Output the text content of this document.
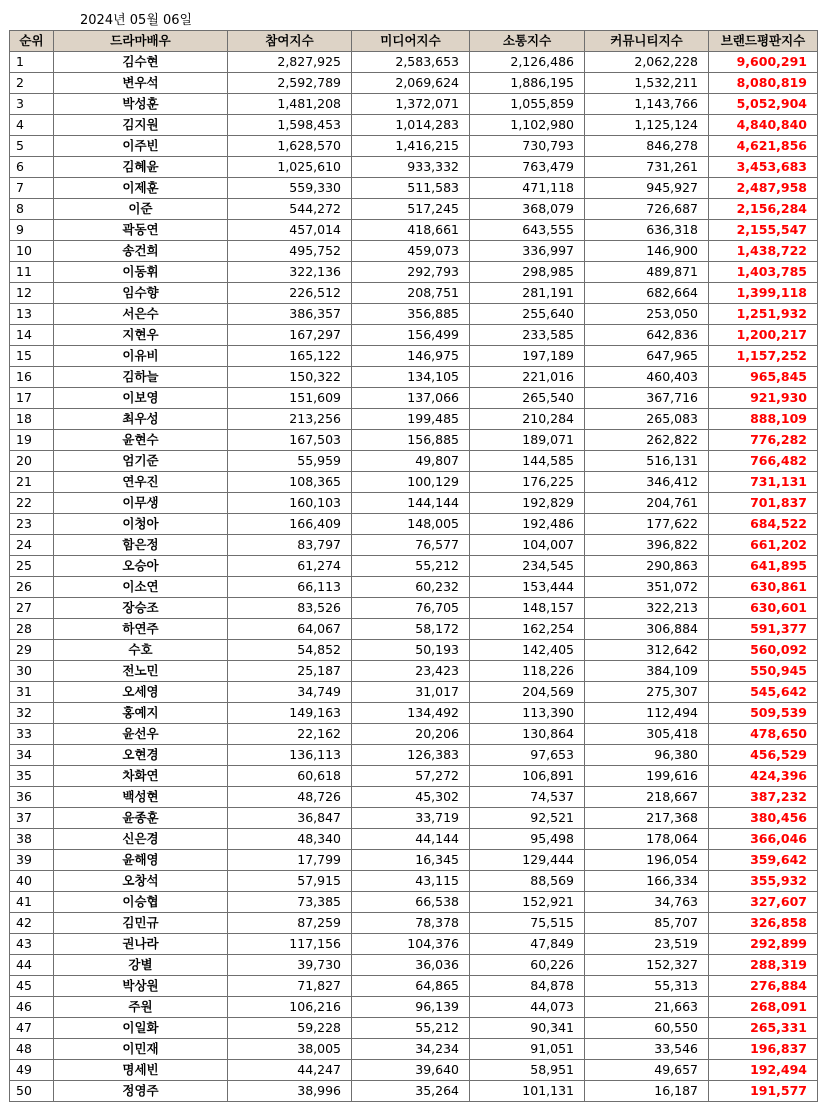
2024년 05월 06일
순위	드라마배우	참여지수	미디어지수	소통지수	커뮤니티지수	브랜드평판지수
1	김수현	2,827,925	2,583,653	2,126,486	2,062,228	9,600,291
2	변우석	2,592,789	2,069,624	1,886,195	1,532,211	8,080,819
3	박성훈	1,481,208	1,372,071	1,055,859	1,143,766	5,052,904
4	김지원	1,598,453	1,014,283	1,102,980	1,125,124	4,840,840
5	이주빈	1,628,570	1,416,215	730,793	846,278	4,621,856
6	김혜윤	1,025,610	933,332	763,479	731,261	3,453,683
7	이제훈	559,330	511,583	471,118	945,927	2,487,958
8	이준	544,272	517,245	368,079	726,687	2,156,284
9	곽동연	457,014	418,661	643,555	636,318	2,155,547
10	송건희	495,752	459,073	336,997	146,900	1,438,722
11	이동휘	322,136	292,793	298,985	489,871	1,403,785
12	임수향	226,512	208,751	281,191	682,664	1,399,118
13	서은수	386,357	356,885	255,640	253,050	1,251,932
14	지현우	167,297	156,499	233,585	642,836	1,200,217
15	이유비	165,122	146,975	197,189	647,965	1,157,252
16	김하늘	150,322	134,105	221,016	460,403	965,845
17	이보영	151,609	137,066	265,540	367,716	921,930
18	최우성	213,256	199,485	210,284	265,083	888,109
19	윤현수	167,503	156,885	189,071	262,822	776,282
20	엄기준	55,959	49,807	144,585	516,131	766,482
21	연우진	108,365	100,129	176,225	346,412	731,131
22	이무생	160,103	144,144	192,829	204,761	701,837
23	이청아	166,409	148,005	192,486	177,622	684,522
24	함은정	83,797	76,577	104,007	396,822	661,202
25	오승아	61,274	55,212	234,545	290,863	641,895
26	이소연	66,113	60,232	153,444	351,072	630,861
27	장승조	83,526	76,705	148,157	322,213	630,601
28	하연주	64,067	58,172	162,254	306,884	591,377
29	수호	54,852	50,193	142,405	312,642	560,092
30	전노민	25,187	23,423	118,226	384,109	550,945
31	오세영	34,749	31,017	204,569	275,307	545,642
32	홍예지	149,163	134,492	113,390	112,494	509,539
33	윤선우	22,162	20,206	130,864	305,418	478,650
34	오현경	136,113	126,383	97,653	96,380	456,529
35	차화연	60,618	57,272	106,891	199,616	424,396
36	백성현	48,726	45,302	74,537	218,667	387,232
37	윤종훈	36,847	33,719	92,521	217,368	380,456
38	신은경	48,340	44,144	95,498	178,064	366,046
39	윤해영	17,799	16,345	129,444	196,054	359,642
40	오창석	57,915	43,115	88,569	166,334	355,932
41	이승협	73,385	66,538	152,921	34,763	327,607
42	김민규	87,259	78,378	75,515	85,707	326,858
43	권나라	117,156	104,376	47,849	23,519	292,899
44	강별	39,730	36,036	60,226	152,327	288,319
45	박상원	71,827	64,865	84,878	55,313	276,884
46	주원	106,216	96,139	44,073	21,663	268,091
47	이일화	59,228	55,212	90,341	60,550	265,331
48	이민재	38,005	34,234	91,051	33,546	196,837
49	명세빈	44,247	39,640	58,951	49,657	192,494
50	정영주	38,996	35,264	101,131	16,187	191,577
